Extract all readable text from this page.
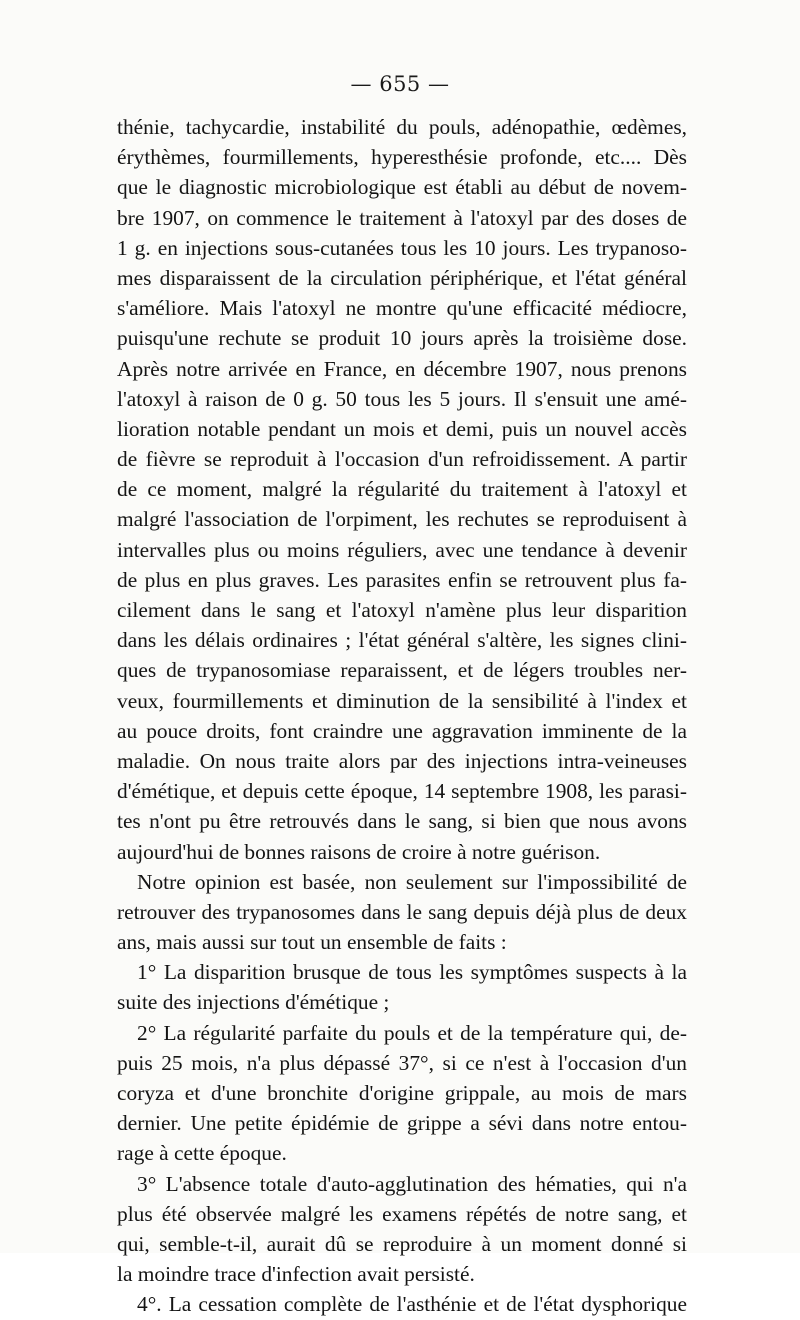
— 655 —
thénie, tachycardie, instabilité du pouls, adénopathie, œdèmes,
érythèmes, fourmillements, hyperesthésie profonde, etc.... Dès
que le diagnostic microbiologique est établi au début de novem-
bre 1907, on commence le traitement à l'atoxyl par des doses de
1 g. en injections sous-cutanées tous les 10 jours. Les trypanoso-
mes disparaissent de la circulation périphérique, et l'état général
s'améliore. Mais l'atoxyl ne montre qu'une efficacité médiocre,
puisqu'une rechute se produit 10 jours après la troisième dose.
Après notre arrivée en France, en décembre 1907, nous prenons
l'atoxyl à raison de 0 g. 50 tous les 5 jours. Il s'ensuit une amé-
lioration notable pendant un mois et demi, puis un nouvel accès
de fièvre se reproduit à l'occasion d'un refroidissement. A partir
de ce moment, malgré la régularité du traitement à l'atoxyl et
malgré l'association de l'orpiment, les rechutes se reproduisent à
intervalles plus ou moins réguliers, avec une tendance à devenir
de plus en plus graves. Les parasites enfin se retrouvent plus fa-
cilement dans le sang et l'atoxyl n'amène plus leur disparition
dans les délais ordinaires ; l'état général s'altère, les signes clini-
ques de trypanosomiase reparaissent, et de légers troubles ner-
veux, fourmillements et diminution de la sensibilité à l'index et
au pouce droits, font craindre une aggravation imminente de la
maladie. On nous traite alors par des injections intra-veineuses
d'émétique, et depuis cette époque, 14 septembre 1908, les parasi-
tes n'ont pu être retrouvés dans le sang, si bien que nous avons
aujourd'hui de bonnes raisons de croire à notre guérison.
Notre opinion est basée, non seulement sur l'impossibilité de
retrouver des trypanosomes dans le sang depuis déjà plus de deux
ans, mais aussi sur tout un ensemble de faits :
1° La disparition brusque de tous les symptômes suspects à la
suite des injections d'émétique ;
2° La régularité parfaite du pouls et de la température qui, de-
puis 25 mois, n'a plus dépassé 37°, si ce n'est à l'occasion d'un
coryza et d'une bronchite d'origine grippale, au mois de mars
dernier. Une petite épidémie de grippe a sévi dans notre entou-
rage à cette époque.
3° L'absence totale d'auto-agglutination des hématies, qui n'a
plus été observée malgré les examens répétés de notre sang, et
qui, semble-t-il, aurait dû se reproduire à un moment donné si
la moindre trace d'infection avait persisté.
4°. La cessation complète de l'asthénie et de l'état dysphorique
